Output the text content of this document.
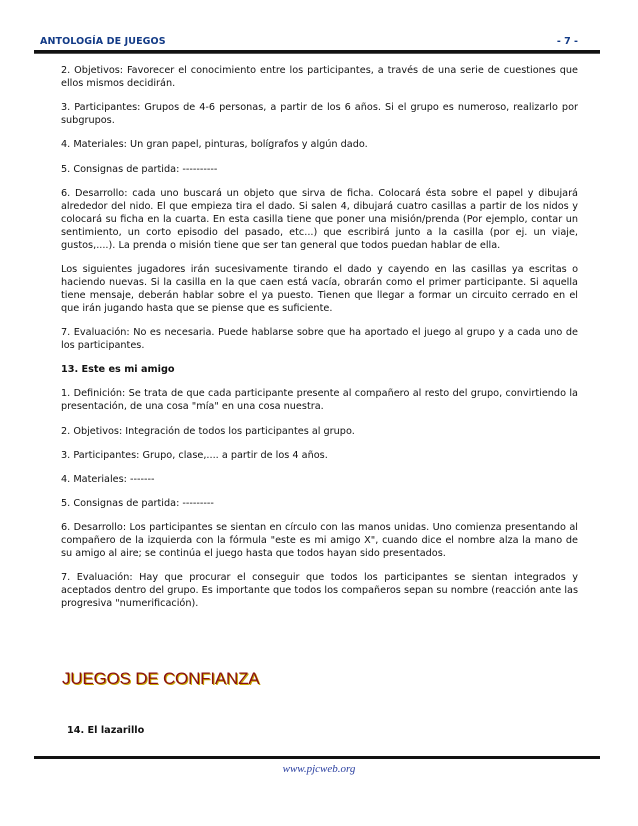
ANTOLOGÍA DE JUEGOS	- 7 -

2. Objetivos: Favorecer el conocimiento entre los participantes, a través de una serie de cuestiones que ellos mismos decidirán.

3. Participantes: Grupos de 4-6 personas, a partir de los 6 años. Si el grupo es numeroso, realizarlo por subgrupos.

4. Materiales: Un gran papel, pinturas, bolígrafos y algún dado.

5. Consignas de partida: ----------

6. Desarrollo: cada uno buscará un objeto que sirva de ficha. Colocará ésta sobre el papel y dibujará alrededor del nido. El que empieza tira el dado. Si salen 4, dibujará cuatro casillas a partir de los nidos y colocará su ficha en la cuarta. En esta casilla tiene que poner una misión/prenda (Por ejemplo, contar un sentimiento, un corto episodio del pasado, etc...) que escribirá junto a la casilla (por ej. un viaje, gustos,....). La prenda o misión tiene que ser tan general que todos puedan hablar de ella.

Los siguientes jugadores irán sucesivamente tirando el dado y cayendo en las casillas ya escritas o haciendo nuevas. Si la casilla en la que caen está vacía, obrarán como el primer participante. Si aquella tiene mensaje, deberán hablar sobre el ya puesto. Tienen que llegar a formar un circuito cerrado en el que irán jugando hasta que se piense que es suficiente.

7. Evaluación: No es necesaria. Puede hablarse sobre que ha aportado el juego al grupo y a cada uno de los participantes.

13. Este es mi amigo

1. Definición: Se trata de que cada participante presente al compañero al resto del grupo, convirtiendo la presentación, de una cosa "mía" en una cosa nuestra.

2. Objetivos: Integración de todos los participantes al grupo.

3. Participantes: Grupo, clase,.... a partir de los 4 años.

4. Materiales: -------

5. Consignas de partida: ---------

6. Desarrollo: Los participantes se sientan en círculo con las manos unidas. Uno comienza presentando al compañero de la izquierda con la fórmula "este es mi amigo X", cuando dice el nombre alza la mano de su amigo al aire; se continúa el juego hasta que todos hayan sido presentados.

7. Evaluación: Hay que procurar el conseguir que todos los participantes se sientan integrados y aceptados dentro del grupo. Es importante que todos los compañeros sepan su nombre (reacción ante las progresiva "numerificación).

JUEGOS DE CONFIANZA
14. El lazarillo
www.pjcweb.org
